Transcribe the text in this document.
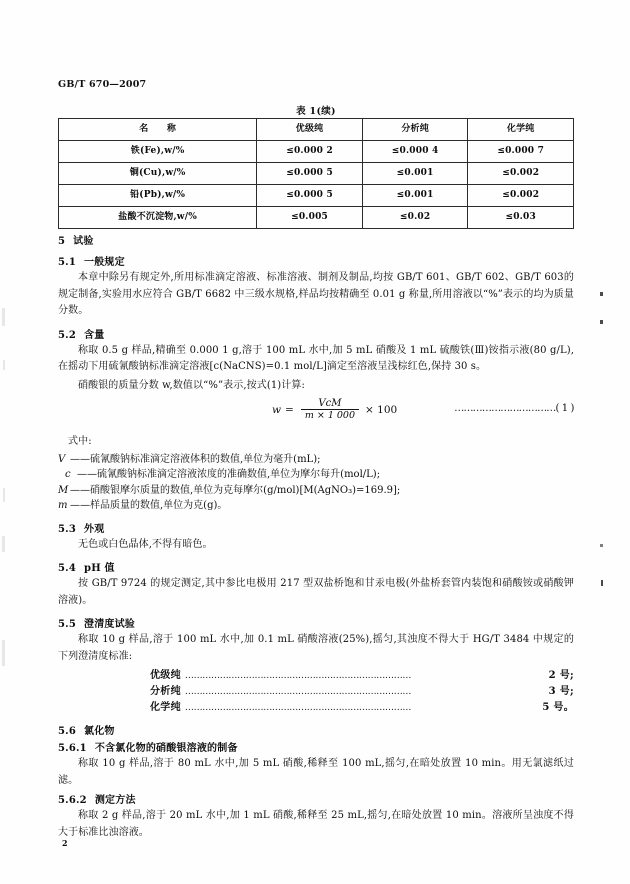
GB/T 670—2007
表 1(续)
名　　称	优级纯	分析纯	化学纯
铁(Fe),w/%	≤0.000 2	≤0.000 4	≤0.000 7
铜(Cu),w/%	≤0.000 5	≤0.001	≤0.002
铅(Pb),w/%	≤0.000 5	≤0.001	≤0.002
盐酸不沉淀物,w/%	≤0.005	≤0.02	≤0.03
5 试验
5.1 一般规定

本章中除另有规定外,所用标准滴定溶液、标准溶液、制剂及制品,均按 GB/T 601、GB/T 602、GB/T 603的规定制备,实验用水应符合 GB/T 6682 中三级水规格,样品均按精确至 0.01 g 称量,所用溶液以“%”表示的均为质量分数。

5.2 含量

称取 0.5 g 样品,精确至 0.000 1 g,溶于 100 mL 水中,加 5 mL 硝酸及 1 mL 硫酸铁(Ⅲ)铵指示液(80 g/L),在摇动下用硫氰酸钠标准滴定溶液[c(NaCNS)=0.1 mol/L]滴定至溶液呈浅棕红色,保持 30 s。

硝酸银的质量分数 w,数值以“%”表示,按式(1)计算:

$w = \frac{\text{VcM}}{m \times 1 000} \times 100$	……………………………( 1 )

式中:

V ——硫氰酸钠标准滴定溶液体积的数值,单位为毫升(mL);

c ——硫氰酸钠标准滴定溶液浓度的准确数值,单位为摩尔每升(mol/L);

M ——硝酸银摩尔质量的数值,单位为克每摩尔(g/mol)[M(AgNO₃)=169.9];

m ——样品质量的数值,单位为克(g)。

5.3 外观

无色或白色晶体,不得有暗色。

5.4 pH 值

按 GB/T 9724 的规定测定,其中参比电极用 217 型双盐桥饱和甘汞电极(外盐桥套管内装饱和硝酸铵或硝酸钾溶液)。

5.5 澄清度试验

称取 10 g 样品,溶于 100 mL 水中,加 0.1 mL 硝酸溶液(25%),摇匀,其浊度不得大于 HG/T 3484 中规定的下列澄清度标准:

优级纯 ……………………………………………………………………	2 号;
分析纯 ……………………………………………………………………	3 号;
化学纯 ……………………………………………………………………	5 号。
5.6 氯化物
5.6.1 不含氯化物的硝酸银溶液的制备

称取 10 g 样品,溶于 80 mL 水中,加 5 mL 硝酸,稀释至 100 mL,摇匀,在暗处放置 10 min。用无氯滤纸过滤。

5.6.2 测定方法

称取 2 g 样品,溶于 20 mL 水中,加 1 mL 硝酸,稀释至 25 mL,摇匀,在暗处放置 10 min。溶液所呈浊度不得大于标准比浊溶液。

2
